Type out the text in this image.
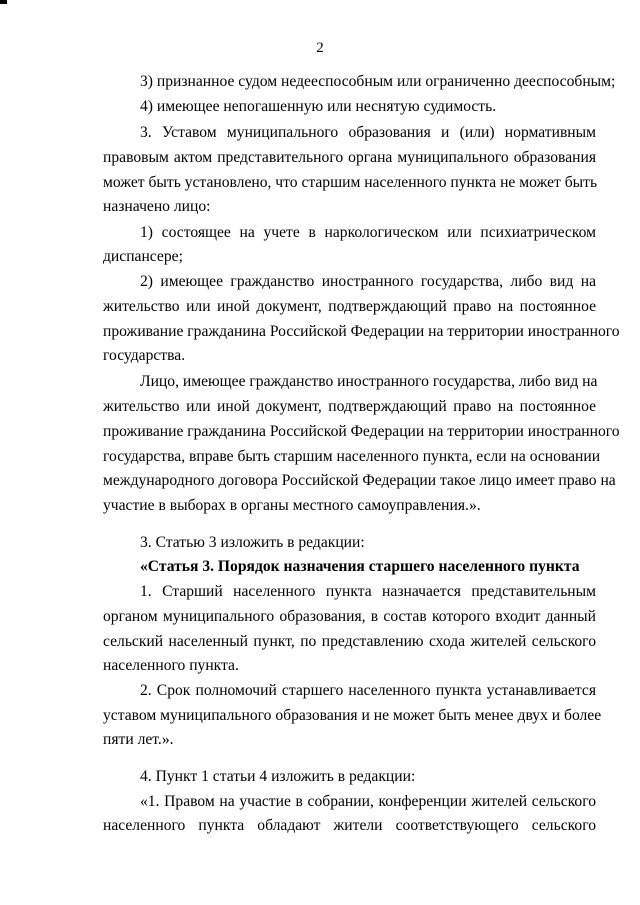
2
3) признанное судом недееспособным или ограниченно дееспособным;
4) имеющее непогашенную или неснятую судимость.
3. Уставом муниципального образования и (или) нормативным
правовым актом представительного органа муниципального образования
может быть установлено, что старшим населенного пункта не может быть
назначено лицо:
1) состоящее на учете в наркологическом или психиатрическом
диспансере;
2) имеющее гражданство иностранного государства, либо вид на
жительство или иной документ, подтверждающий право на постоянное
проживание гражданина Российской Федерации на территории иностранного
государства.
Лицо, имеющее гражданство иностранного государства, либо вид на
жительство или иной документ, подтверждающий право на постоянное
проживание гражданина Российской Федерации на территории иностранного
государства, вправе быть старшим населенного пункта, если на основании
международного договора Российской Федерации такое лицо имеет право на
участие в выборах в органы местного самоуправления.».
3. Статью 3 изложить в редакции:
«Статья 3. Порядок назначения старшего населенного пункта
1. Старший населенного пункта назначается представительным
органом муниципального образования, в состав которого входит данный
сельский населенный пункт, по представлению схода жителей сельского
населенного пункта.
2. Срок полномочий старшего населенного пункта устанавливается
уставом муниципального образования и не может быть менее двух и более
пяти лет.».
4. Пункт 1 статьи 4 изложить в редакции:
«1. Правом на участие в собрании, конференции жителей сельского
населенного пункта обладают жители соответствующего сельского
